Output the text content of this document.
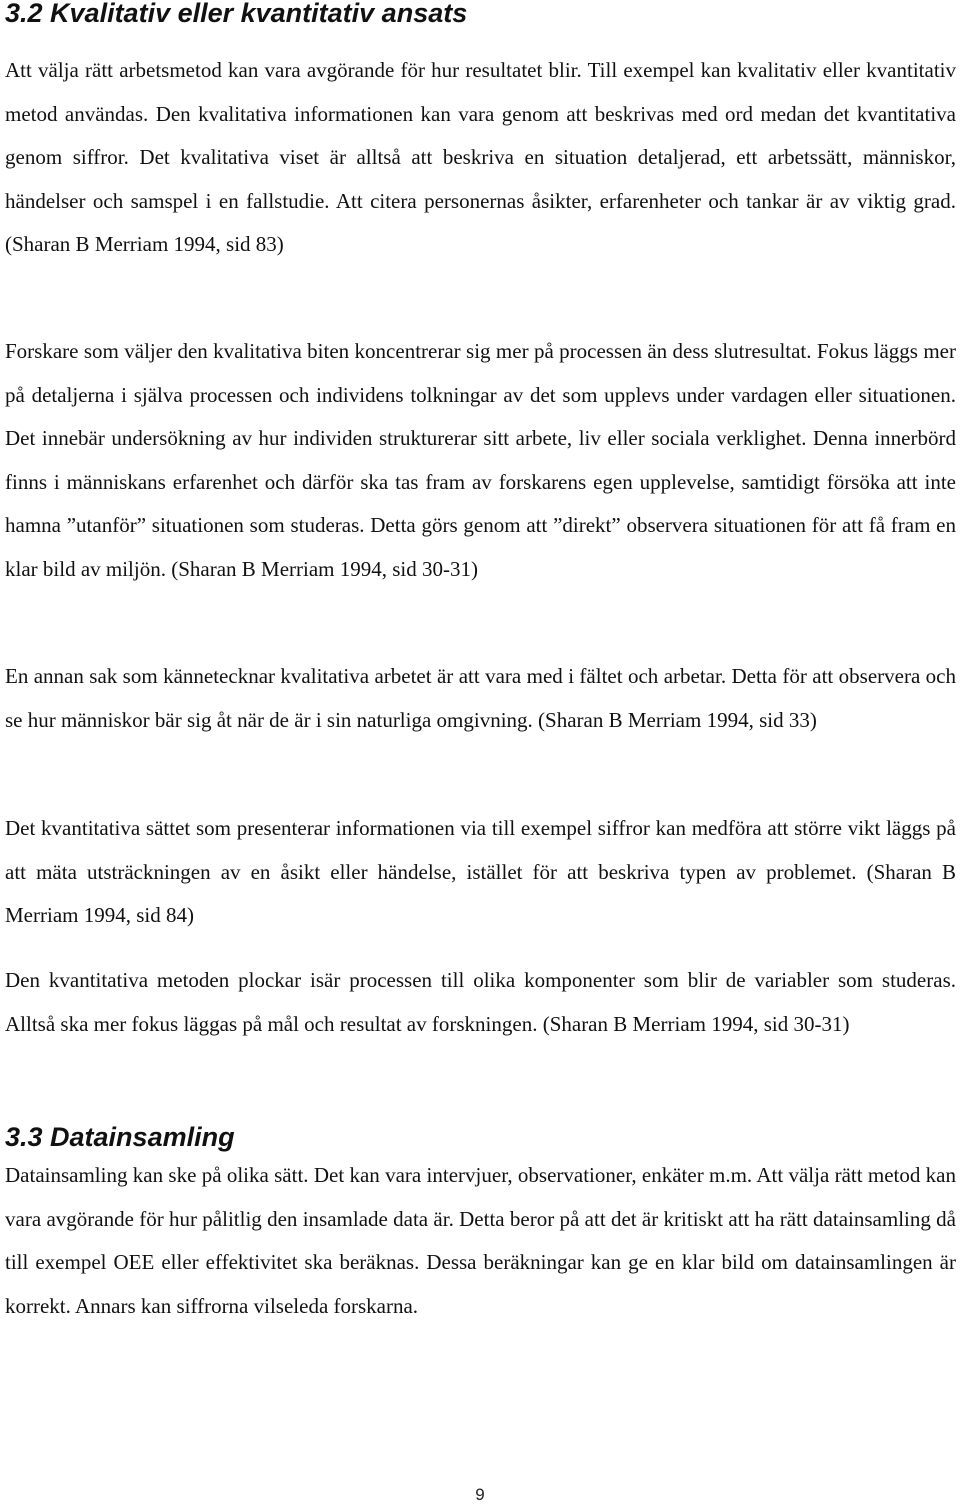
3.2 Kvalitativ eller kvantitativ ansats

Att välja rätt arbetsmetod kan vara avgörande för hur resultatet blir. Till exempel kan kvalitativ eller kvantitativ metod användas. Den kvalitativa informationen kan vara genom att beskrivas med ord medan det kvantitativa genom siffror. Det kvalitativa viset är alltså att beskriva en situation detaljerad, ett arbetssätt, människor, händelser och samspel i en fallstudie. Att citera personernas åsikter, erfarenheter och tankar är av viktig grad. (Sharan B Merriam 1994, sid 83)

Forskare som väljer den kvalitativa biten koncentrerar sig mer på processen än dess slutresultat. Fokus läggs mer på detaljerna i själva processen och individens tolkningar av det som upplevs under vardagen eller situationen. Det innebär undersökning av hur individen strukturerar sitt arbete, liv eller sociala verklighet. Denna innerbörd finns i människans erfarenhet och därför ska tas fram av forskarens egen upplevelse, samtidigt försöka att inte hamna ”utanför” situationen som studeras. Detta görs genom att ”direkt” observera situationen för att få fram en klar bild av miljön. (Sharan B Merriam 1994, sid 30-31)

En annan sak som kännetecknar kvalitativa arbetet är att vara med i fältet och arbetar. Detta för att observera och se hur människor bär sig åt när de är i sin naturliga omgivning. (Sharan B Merriam 1994, sid 33)

Det kvantitativa sättet som presenterar informationen via till exempel siffror kan medföra att större vikt läggs på att mäta utsträckningen av en åsikt eller händelse, istället för att beskriva typen av problemet. (Sharan B Merriam 1994, sid 84)

Den kvantitativa metoden plockar isär processen till olika komponenter som blir de variabler som studeras. Alltså ska mer fokus läggas på mål och resultat av forskningen. (Sharan B Merriam 1994, sid 30-31)

3.3 Datainsamling

Datainsamling kan ske på olika sätt. Det kan vara intervjuer, observationer, enkäter m.m. Att välja rätt metod kan vara avgörande för hur pålitlig den insamlade data är. Detta beror på att det är kritiskt att ha rätt datainsamling då till exempel OEE eller effektivitet ska beräknas. Dessa beräkningar kan ge en klar bild om datainsamlingen är korrekt. Annars kan siffrorna vilseleda forskarna.

9
